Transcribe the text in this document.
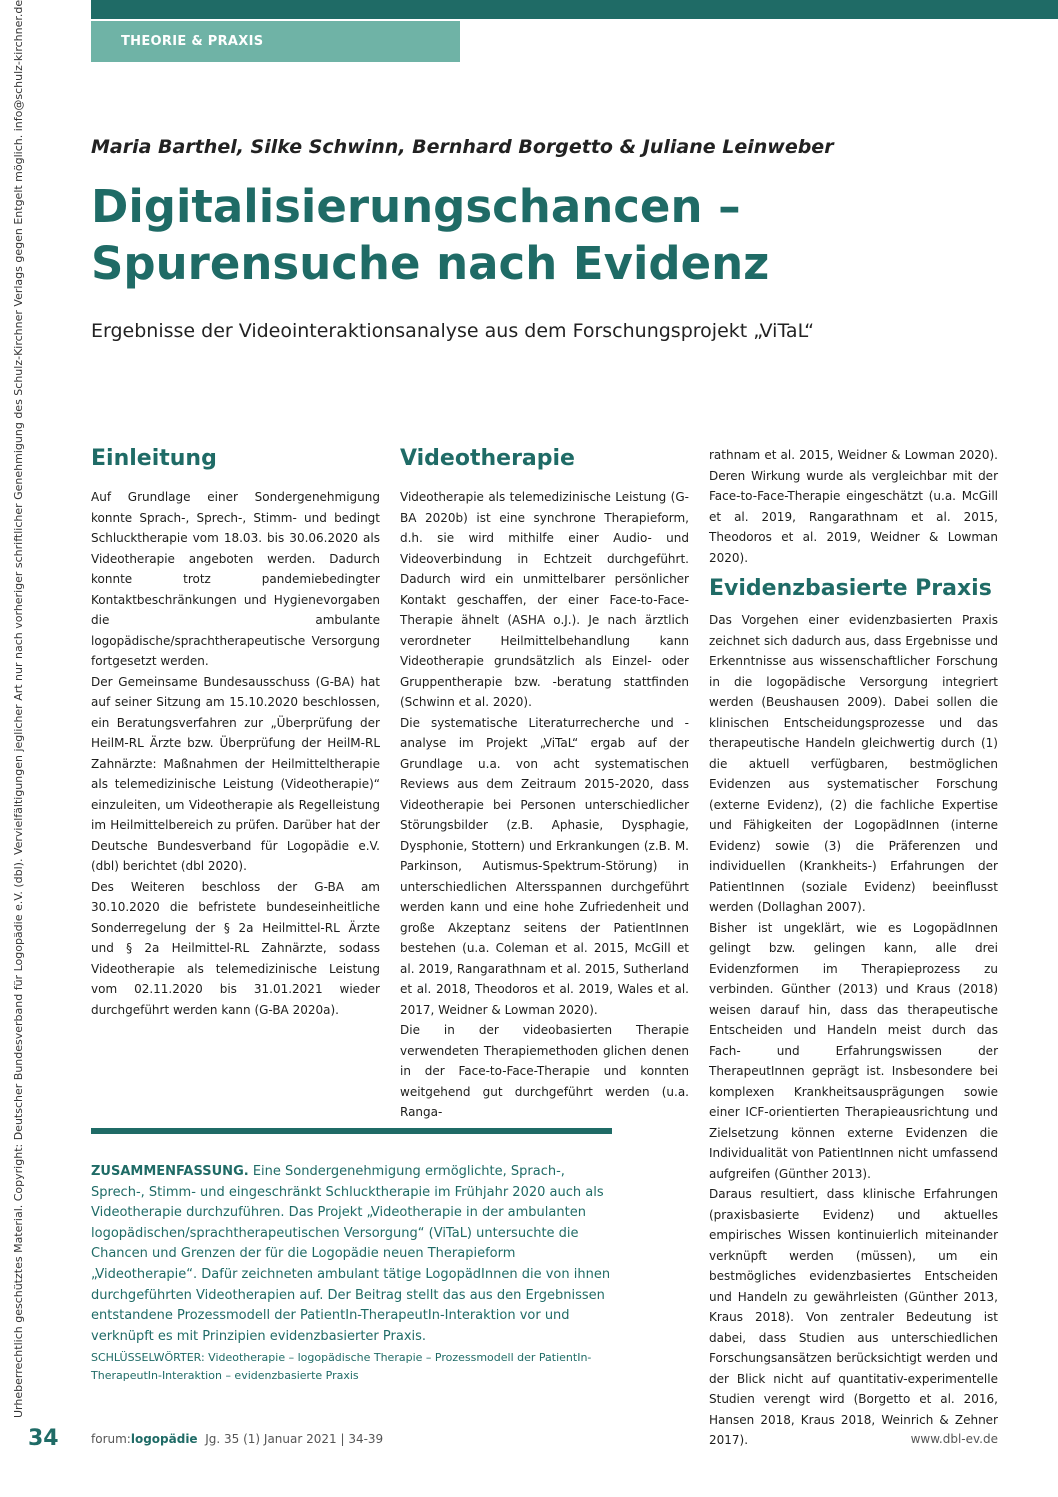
THEORIE & PRAXIS
Urheberrechtlich geschütztes Material. Copyright: Deutscher Bundesverband für Logopädie e.V. (dbl). Vervielfältigungen jeglicher Art nur nach vorheriger schriftlicher Genehmigung des Schulz-Kirchner Verlags gegen Entgelt möglich. info@schulz-kirchner.de	Maria Barthel, Silke Schwinn, Bernhard Borgetto & Juliane Leinweber
Digitalisierungschancen –
Spurensuche nach Evidenz
Ergebnisse der Videointeraktionsanalyse aus dem Forschungsprojekt „ViTaL“
Einleitung

Auf Grundlage einer Sondergenehmigung konnte Sprach-, Sprech-, Stimm- und bedingt Schlucktherapie vom 18.03. bis 30.06.2020 als Videotherapie angeboten werden. Dadurch konnte trotz pandemiebedingter Kontaktbeschränkungen und Hygienevorgaben die ambulante logopädische/sprachtherapeutische Versorgung fortgesetzt werden.

Der Gemeinsame Bundesausschuss (G-BA) hat auf seiner Sitzung am 15.10.2020 beschlossen, ein Beratungsverfahren zur „Überprüfung der HeilM-RL Ärzte bzw. Überprüfung der HeilM-RL Zahnärzte: Maßnahmen der Heilmitteltherapie als telemedizinische Leistung (Videotherapie)“ einzuleiten, um Videotherapie als Regelleistung im Heilmittelbereich zu prüfen. Darüber hat der Deutsche Bundesverband für Logopädie e.V. (dbl) berichtet (dbl 2020).

Des Weiteren beschloss der G-BA am 30.10.2020 die befristete bundeseinheitliche Sonderregelung der § 2a Heilmittel-RL Ärzte und § 2a Heilmittel-RL Zahnärzte, sodass Videotherapie als telemedizinische Leistung vom 02.11.2020 bis 31.01.2021 wieder durchgeführt werden kann (G-BA 2020a).

Videotherapie

Videotherapie als telemedizinische Leistung (G-BA 2020b) ist eine synchrone Therapieform, d.h. sie wird mithilfe einer Audio- und Videoverbindung in Echtzeit durchgeführt. Dadurch wird ein unmittelbarer persönlicher Kontakt geschaffen, der einer Face-to-Face-Therapie ähnelt (ASHA o.J.). Je nach ärztlich verordneter Heilmittelbehandlung kann Videotherapie grundsätzlich als Einzel- oder Gruppentherapie bzw. -beratung stattfinden (Schwinn et al. 2020).

Die systematische Literaturrecherche und -analyse im Projekt „ViTaL“ ergab auf der Grundlage u.a. von acht systematischen Reviews aus dem Zeitraum 2015-2020, dass Videotherapie bei Personen unterschiedlicher Störungsbilder (z.B. Aphasie, Dysphagie, Dysphonie, Stottern) und Erkrankungen (z.B. M. Parkinson, Autismus-Spektrum-Störung) in unterschiedlichen Altersspannen durchgeführt werden kann und eine hohe Zufriedenheit und große Akzeptanz seitens der PatientInnen bestehen (u.a. Coleman et al. 2015, McGill et al. 2019, Rangarathnam et al. 2015, Sutherland et al. 2018, Theodoros et al. 2019, Wales et al. 2017, Weidner & Lowman 2020).

Die in der videobasierten Therapie verwendeten Therapiemethoden glichen denen in der Face-to-Face-Therapie und konnten weitgehend gut durchgeführt werden (u.a. Ranga-

rathnam et al. 2015, Weidner & Lowman 2020). Deren Wirkung wurde als vergleichbar mit der Face-to-Face-Therapie eingeschätzt (u.a. McGill et al. 2019, Rangarathnam et al. 2015, Theodoros et al. 2019, Weidner & Lowman 2020).

Evidenzbasierte Praxis

Das Vorgehen einer evidenzbasierten Praxis zeichnet sich dadurch aus, dass Ergebnisse und Erkenntnisse aus wissenschaftlicher Forschung in die logopädische Versorgung integriert werden (Beushausen 2009). Dabei sollen die klinischen Entscheidungsprozesse und das therapeutische Handeln gleichwertig durch (1) die aktuell verfügbaren, bestmöglichen Evidenzen aus systematischer Forschung (externe Evidenz), (2) die fachliche Expertise und Fähigkeiten der LogopädInnen (interne Evidenz) sowie (3) die Präferenzen und individuellen (Krankheits-) Erfahrungen der PatientInnen (soziale Evidenz) beeinflusst werden (Dollaghan 2007).

Bisher ist ungeklärt, wie es LogopädInnen gelingt bzw. gelingen kann, alle drei Evidenzformen im Therapieprozess zu verbinden. Günther (2013) und Kraus (2018) weisen darauf hin, dass das therapeutische Entscheiden und Handeln meist durch das Fach- und Erfahrungswissen der TherapeutInnen geprägt ist. Insbesondere bei komplexen Krankheitsausprägungen sowie einer ICF-orientierten Therapieausrichtung und Zielsetzung können externe Evidenzen die Individualität von PatientInnen nicht umfassend aufgreifen (Günther 2013).

Daraus resultiert, dass klinische Erfahrungen (praxisbasierte Evidenz) und aktuelles empirisches Wissen kontinuierlich miteinander verknüpft werden (müssen), um ein bestmögliches evidenzbasiertes Entscheiden und Handeln zu gewährleisten (Günther 2013, Kraus 2018). Von zentraler Bedeutung ist dabei, dass Studien aus unterschiedlichen Forschungsansätzen berücksichtigt werden und der Blick nicht auf quantitativ-experimentelle Studien verengt wird (Borgetto et al. 2016, Hansen 2018, Kraus 2018, Weinrich & Zehner 2017).

ZUSAMMENFASSUNG. Eine Sondergenehmigung ermöglichte, Sprach-, Sprech-, Stimm- und eingeschränkt Schlucktherapie im Frühjahr 2020 auch als Videotherapie durchzuführen. Das Projekt „Videotherapie in der ambulanten logopädischen/sprachtherapeutischen Versorgung“ (ViTaL) untersuchte die Chancen und Grenzen der für die Logopädie neuen Therapieform „Videotherapie“. Dafür zeichneten ambulant tätige LogopädInnen die von ihnen durchgeführten Videotherapien auf. Der Beitrag stellt das aus den Ergebnissen entstandene Prozessmodell der PatientIn-TherapeutIn-Interaktion vor und verknüpft es mit Prinzipien evidenzbasierter Praxis.
SCHLÜSSELWÖRTER: Videotherapie – logopädische Therapie – Prozessmodell der PatientIn-TherapeutIn-Interaktion – evidenzbasierte Praxis
34	forum:logopädie Jg. 35 (1) Januar 2021 | 34-39	www.dbl-ev.de
